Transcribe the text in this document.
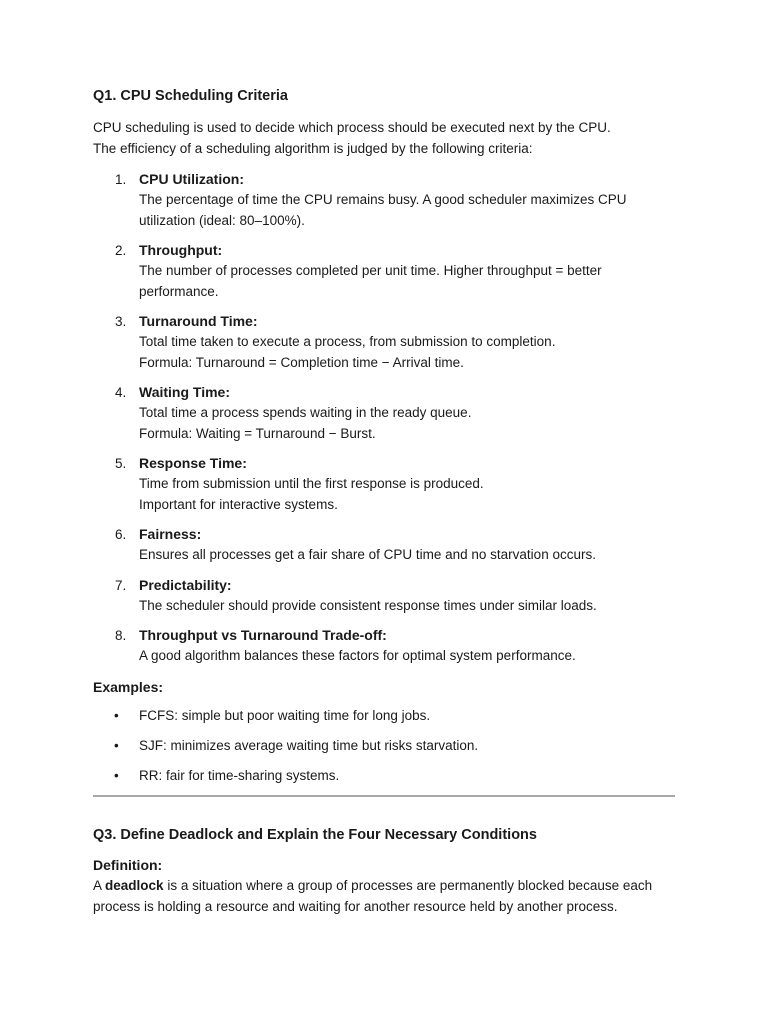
Q1. CPU Scheduling Criteria

CPU scheduling is used to decide which process should be executed next by the CPU.

The efficiency of a scheduling algorithm is judged by the following criteria:

1. CPU Utilization:
The percentage of time the CPU remains busy. A good scheduler maximizes CPU
utilization (ideal: 80–100%).
2. Throughput:
The number of processes completed per unit time. Higher throughput = better
performance.
3. Turnaround Time:
Total time taken to execute a process, from submission to completion.
Formula: Turnaround = Completion time − Arrival time.
4. Waiting Time:
Total time a process spends waiting in the ready queue.
Formula: Waiting = Turnaround − Burst.
5. Response Time:
Time from submission until the first response is produced.
Important for interactive systems.
6. Fairness:
Ensures all processes get a fair share of CPU time and no starvation occurs.
7. Predictability:
The scheduler should provide consistent response times under similar loads.
8. Throughput vs Turnaround Trade-off:
A good algorithm balances these factors for optimal system performance.
Examples:
• FCFS: simple but poor waiting time for long jobs.
• SJF: minimizes average waiting time but risks starvation.
• RR: fair for time-sharing systems.
Q3. Define Deadlock and Explain the Four Necessary Conditions
Definition:

A deadlock is a situation where a group of processes are permanently blocked because each

process is holding a resource and waiting for another resource held by another process.
